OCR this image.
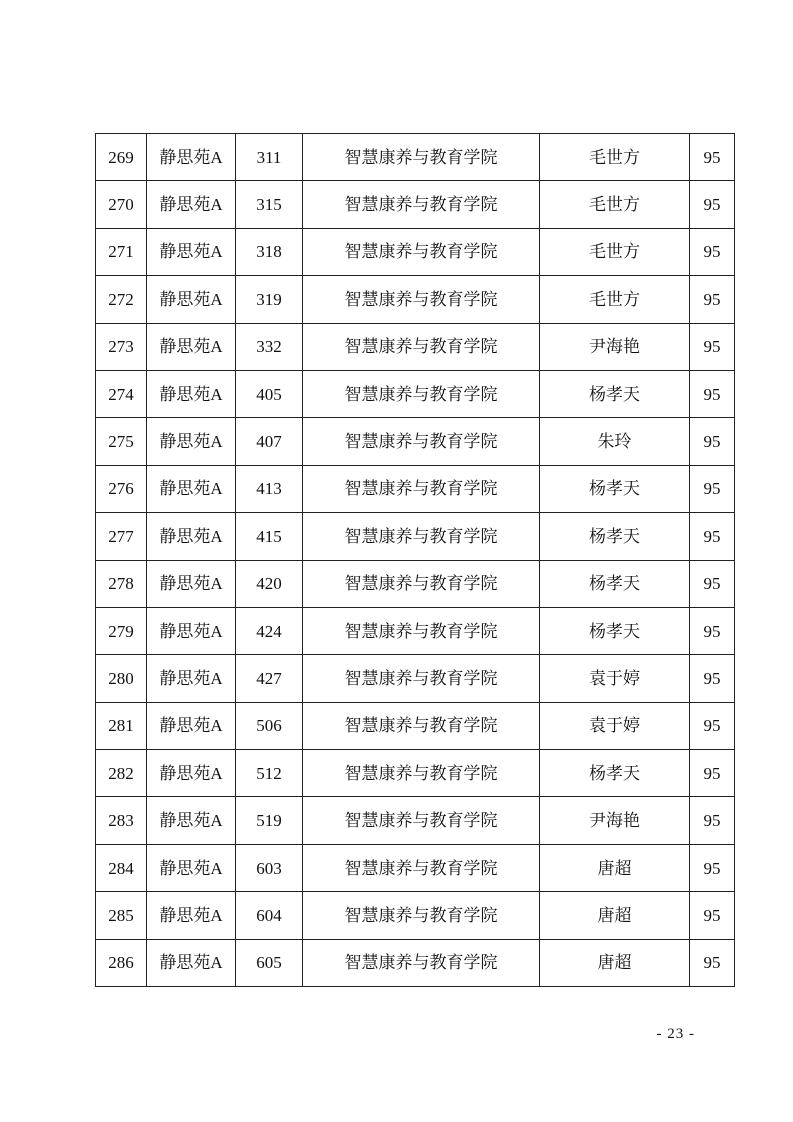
269	静思苑A	311	智慧康养与教育学院	毛世方	95
270	静思苑A	315	智慧康养与教育学院	毛世方	95
271	静思苑A	318	智慧康养与教育学院	毛世方	95
272	静思苑A	319	智慧康养与教育学院	毛世方	95
273	静思苑A	332	智慧康养与教育学院	尹海艳	95
274	静思苑A	405	智慧康养与教育学院	杨孝天	95
275	静思苑A	407	智慧康养与教育学院	朱玲	95
276	静思苑A	413	智慧康养与教育学院	杨孝天	95
277	静思苑A	415	智慧康养与教育学院	杨孝天	95
278	静思苑A	420	智慧康养与教育学院	杨孝天	95
279	静思苑A	424	智慧康养与教育学院	杨孝天	95
280	静思苑A	427	智慧康养与教育学院	袁于婷	95
281	静思苑A	506	智慧康养与教育学院	袁于婷	95
282	静思苑A	512	智慧康养与教育学院	杨孝天	95
283	静思苑A	519	智慧康养与教育学院	尹海艳	95
284	静思苑A	603	智慧康养与教育学院	唐超	95
285	静思苑A	604	智慧康养与教育学院	唐超	95
286	静思苑A	605	智慧康养与教育学院	唐超	95
- 23 -
